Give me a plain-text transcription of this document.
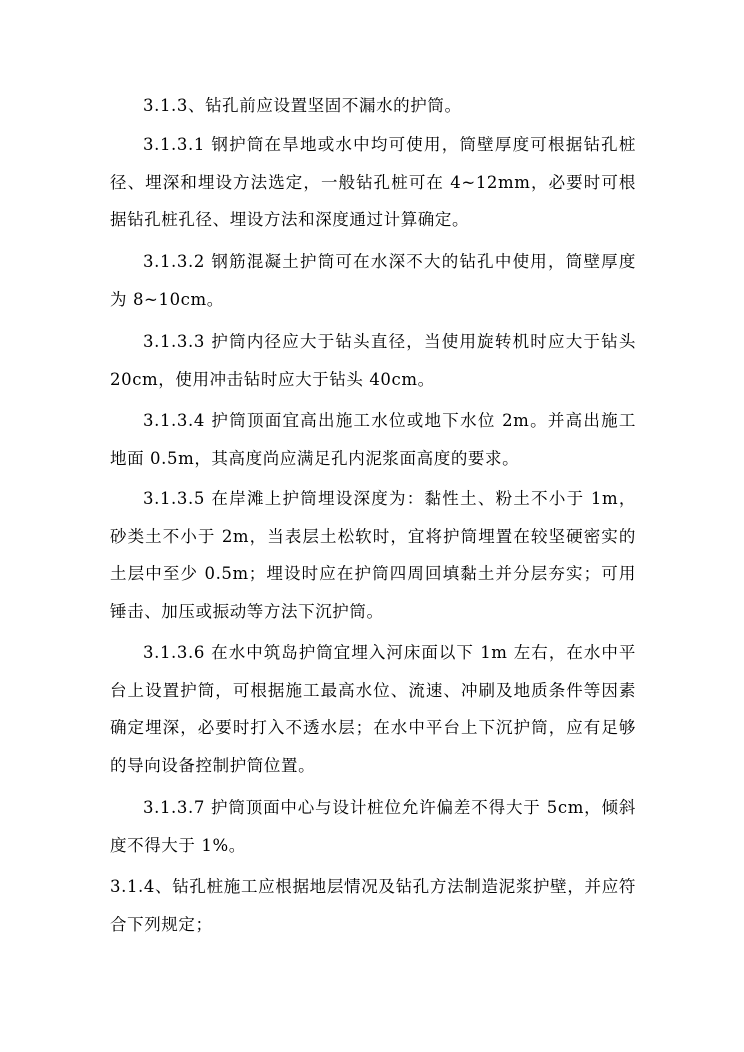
3.1.3、钻孔前应设置坚固不漏水的护筒。

3.1.3.1 钢护筒在旱地或水中均可使用，筒壁厚度可根据钻孔桩径、埋深和埋设方法选定，一般钻孔桩可在 4~12mm，必要时可根据钻孔桩孔径、埋设方法和深度通过计算确定。

3.1.3.2 钢筋混凝土护筒可在水深不大的钻孔中使用，筒壁厚度为 8~10cm。

3.1.3.3 护筒内径应大于钻头直径，当使用旋转机时应大于钻头20cm，使用冲击钻时应大于钻头 40cm。

3.1.3.4 护筒顶面宜高出施工水位或地下水位 2m。并高出施工地面 0.5m，其高度尚应满足孔内泥浆面高度的要求。

3.1.3.5 在岸滩上护筒埋设深度为：黏性土、粉土不小于 1m，砂类土不小于 2m，当表层土松软时，宜将护筒埋置在较坚硬密实的土层中至少 0.5m；埋设时应在护筒四周回填黏土并分层夯实；可用锤击、加压或振动等方法下沉护筒。

3.1.3.6 在水中筑岛护筒宜埋入河床面以下 1m 左右，在水中平台上设置护筒，可根据施工最高水位、流速、冲刷及地质条件等因素确定埋深，必要时打入不透水层；在水中平台上下沉护筒，应有足够的导向设备控制护筒位置。

3.1.3.7 护筒顶面中心与设计桩位允许偏差不得大于 5cm，倾斜度不得大于 1%。

3.1.4、钻孔桩施工应根据地层情况及钻孔方法制造泥浆护壁，并应符合下列规定；
